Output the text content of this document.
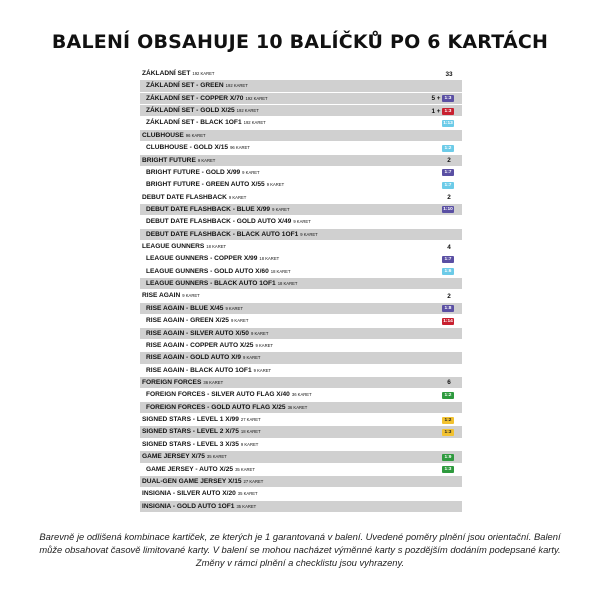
BALENÍ OBSAHUJE 10 BALÍČKŮ PO 6 KARTÁCH
ZÁKLADNÍ SET 192 KARET	33
ZÁKLADNÍ SET - GREEN 192 KARET
ZÁKLADNÍ SET - COPPER X/70 192 KARET	5 + 1:3
ZÁKLADNÍ SET - GOLD X/25 192 KARET	1 + 1:3
ZÁKLADNÍ SET - BLACK 1OF1 192 KARET	1:13
CLUBHOUSE 96 KARET
CLUBHOUSE - GOLD X/15 96 KARET	1:2
BRIGHT FUTURE 9 KARET	2
BRIGHT FUTURE - GOLD X/99 9 KARET	1:7
BRIGHT FUTURE - GREEN AUTO X/55 9 KARET	1:7
DEBUT DATE FLASHBACK 9 KARET	2
DEBUT DATE FLASHBACK - BLUE X/99 9 KARET	1:10
DEBUT DATE FLASHBACK - GOLD AUTO X/49 9 KARET
DEBUT DATE FLASHBACK - BLACK AUTO 1OF1 9 KARET
LEAGUE GUNNERS 18 KARET	4
LEAGUE GUNNERS - COPPER X/99 18 KARET	1:7
LEAGUE GUNNERS - GOLD AUTO X/60 18 KARET	1:6
LEAGUE GUNNERS - BLACK AUTO 1OF1 18 KARET
RISE AGAIN 9 KARET	2
RISE AGAIN - BLUE X/45 9 KARET	1:8
RISE AGAIN - GREEN X/25 9 KARET	1:14
RISE AGAIN - SILVER AUTO X/50 9 KARET
RISE AGAIN - COPPER AUTO X/25 9 KARET
RISE AGAIN - GOLD AUTO X/9 9 KARET
RISE AGAIN - BLACK AUTO 1OF1 9 KARET
FOREIGN FORCES 36 KARET	6
FOREIGN FORCES - SILVER AUTO FLAG X/40 36 KARET	1:2
FOREIGN FORCES - GOLD AUTO FLAG X/25 36 KARET
SIGNED STARS - LEVEL 1 X/99 27 KARET	1:2
SIGNED STARS - LEVEL 2 X/75 18 KARET	1:3
SIGNED STARS - LEVEL 3 X/35 9 KARET
GAME JERSEY X/75 35 KARET	1:9
GAME JERSEY - AUTO X/25 35 KARET	1:3
DUAL-GEN GAME JERSEY X/15 27 KARET
INSIGNIA - SILVER AUTO X/20 35 KARET
INSIGNIA - GOLD AUTO 1OF1 35 KARET
Barevně je odlišená kombinace kartiček, ze kterých je 1 garantovaná v balení. Uvedené poměry plnění jsou orientační. Balení může obsahovat časově limitované karty. V balení se mohou nacházet výměnné karty s pozdějším dodáním podepsané karty. Změny v rámci plnění a checklistu jsou vyhrazeny.
